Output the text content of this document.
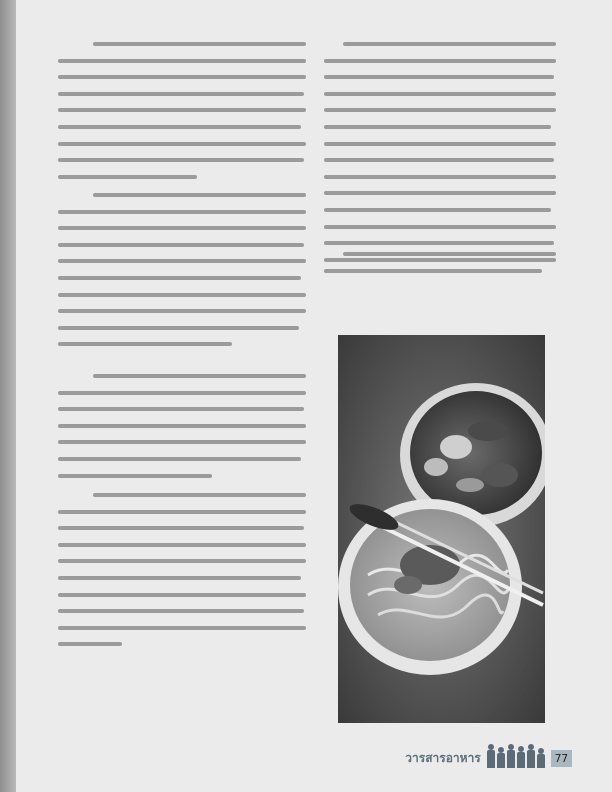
วารสารอาหาร	77
